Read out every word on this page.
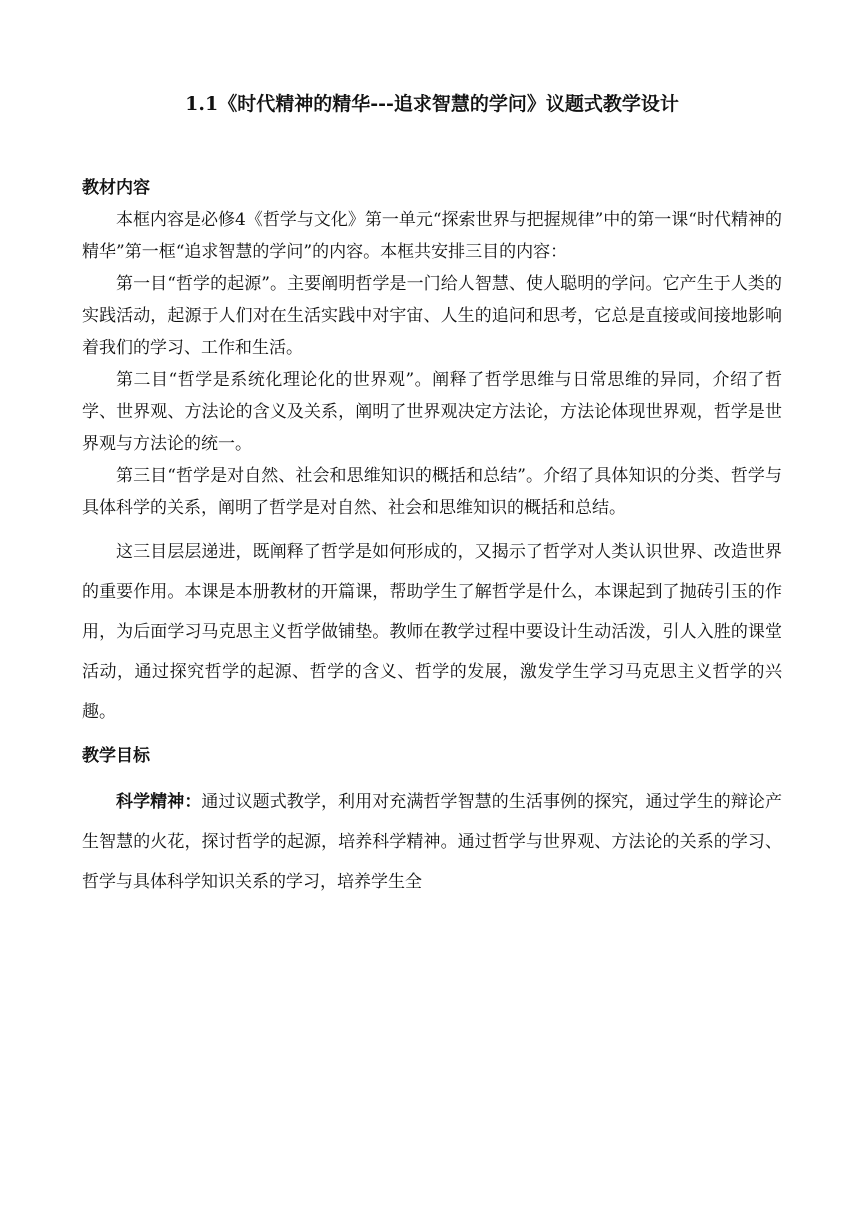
1.1《时代精神的精华---追求智慧的学问》议题式教学设计
教材内容

本框内容是必修4《哲学与文化》第一单元“探索世界与把握规律”中的第一课“时代精神的精华”第一框“追求智慧的学问”的内容。本框共安排三目的内容：

第一目“哲学的起源”。主要阐明哲学是一门给人智慧、使人聪明的学问。它产生于人类的实践活动，起源于人们对在生活实践中对宇宙、人生的追问和思考，它总是直接或间接地影响着我们的学习、工作和生活。

第二目“哲学是系统化理论化的世界观”。阐释了哲学思维与日常思维的异同，介绍了哲学、世界观、方法论的含义及关系，阐明了世界观决定方法论，方法论体现世界观，哲学是世界观与方法论的统一。

第三目“哲学是对自然、社会和思维知识的概括和总结”。介绍了具体知识的分类、哲学与具体科学的关系，阐明了哲学是对自然、社会和思维知识的概括和总结。

这三目层层递进，既阐释了哲学是如何形成的，又揭示了哲学对人类认识世界、改造世界的重要作用。本课是本册教材的开篇课，帮助学生了解哲学是什么，本课起到了抛砖引玉的作用，为后面学习马克思主义哲学做铺垫。教师在教学过程中要设计生动活泼，引人入胜的课堂活动，通过探究哲学的起源、哲学的含义、哲学的发展，激发学生学习马克思主义哲学的兴趣。

教学目标

科学精神：通过议题式教学，利用对充满哲学智慧的生活事例的探究，通过学生的辩论产生智慧的火花，探讨哲学的起源，培养科学精神。通过哲学与世界观、方法论的关系的学习、哲学与具体科学知识关系的学习，培养学生全
